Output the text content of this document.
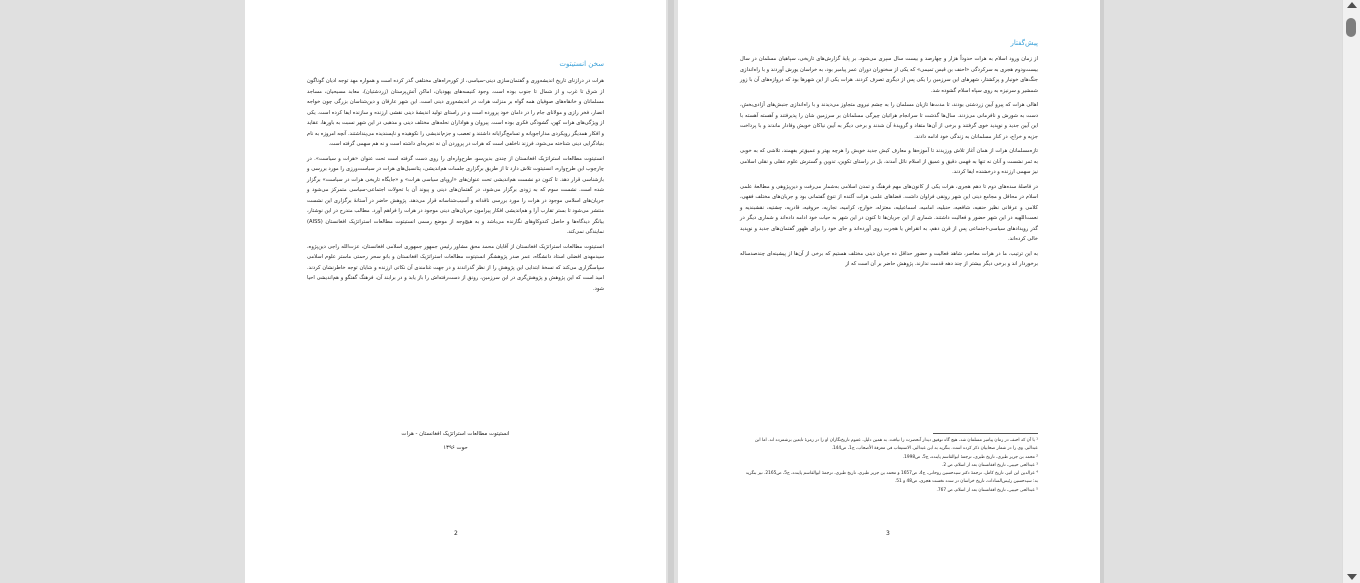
سخن انستیتوت

هرات در درازنای تاریخ اندیشه‌وری و گفتمان‌سازی دینی-سیاسی، از کوره‌راه‌های مختلفی گذر کرده است و همواره مهد توجه ادیان گوناگون از شرق تا غرب و از شمال تا جنوب بوده است. وجود کنیسه‌های یهودیان، اماکن آتش‌پرستان (زردشتیان)، معابد مسیحیان، مساجد مسلمانان و خانقاه‌های صوفیان همه گواه بر منزلت هرات در اندیشه‌وری دینی است. این شهر عارفان و دین‌شناسان بزرگی چون خواجه انصار، فخر رازی و مولانای جام را در دامان خود پرورده است و در راستای تولید اندیشهٔ دینی نقشی ارزنده و سازنده ایفا کرده است. یکی از ویژگی‌های هرات کهن، گشودگی فکری بوده است. پیروان و هواداران نحله‌های مختلف دینی و مذهبی در این شهر نسبت به باورها، عقاید و افکار همدیگر رویکردی مداراجویانه و تسامح‌گرایانه داشتند و تعصب و جزم‌اندیشی را نکوهیده و ناپسندیده می‌پنداشتند. آنچه امروزه به نام بنیادگرایی دینی شناخته می‌شود، فرزند ناخلفی است که هرات در پروردن آن نه تجربه‌ای داشته است و نه هم سهمی گرفته است.

انستیتوت مطالعات استراتژیک افغانستان از چندی بدین‌سو، طرح‌واره‌ای را روی دست گرفته است تحت عنوان «هرات و سیاست». در چارچوب این طرح‌واره، انستیتوت تلاش دارد تا از طریق برگزاری جلسات هم‌اندیشی، پتانسیل‌های هرات در سیاست‌ورزی را مورد بررسی و بازشناسی قرار دهد. تا کنون دو نشست هم‌اندیشی تحت عنوان‌های «اروپای سیاسی هرات» و «جایگاه تاریخی هرات در سیاست» برگزار شده است. نشست سوم که به زودی برگزار می‌شود، در گفتمان‌های دینی و پیوند آن با تحولات اجتماعی-سیاسی متمرکز می‌شود و جریان‌های اسلامی موجود در هرات را مورد بررسی ناقدانه و آسیب‌شناسانه قرار می‌دهد. پژوهش حاضر در آستانهٔ برگزاری این نشست منتشر می‌شود تا بستر تقارب آرا و هم‌اندیشی افکار پیرامون جریان‌های دینی موجود در هرات را فراهم آورد. مطالب مندرج در این نوشتار، بیانگر دیدگاه‌ها و حاصل کندوکاوهای نگارنده می‌باشد و به هیچ‌وجه از موضع رسمی انستیتوت مطالعات استراتژیک افغانستان (AISS) نمایندگی نمی‌کند.

انستیتوت مطالعات استراتژیک افغانستان از آقایان محمد محق مشاور رئیس جمهور جمهوری اسلامی افغانستان، عزت‌الله راجی دین‌پژوه، سیدمهدی افضلی استاد دانشگاه، عمر صدر پژوهشگر انستیتوت مطالعات استراتژیک افغانستان و بانو سحر رحمتی ماستر علوم اسلامی سپاسگزاری می‌کند که نسخهٔ ابتدایی این پژوهش را از نظر گذراندند و در جهت غنامندی آن نکاتی ارزنده و شایان توجه خاطرنشان کردند. امید است که این پژوهش و پژوهش‌گری در این سرزمین، رونق از دست‌رفته‌اش را باز یابد و در برابند آن، فرهنگ گفتگو و هم‌اندیشی احیا شود.

انستیتوت مطالعات استراتژیک افغانستان - هرات
حوت ۱۳۹۶
2
پیش‌گفتار

از زمان ورود اسلام به هرات حدوداً هزار و چهارصد و بیست سال سپری می‌شود. بر پایهٔ گزارش‌های تاریخی، سپاهیان مسلمان در سال بیست‌ودوم هجری به سرکردگی «احنف بن قیس تمیمی» که یکی از سخنوران دوران عمر پیامبر بود، به خراسان یورش آوردند و با راه‌اندازی جنگ‌های خونبار و پرکشتار، شهرهای این سرزمین را یکی پس از دیگری تصرف کردند. هرات یکی از این شهرها بود که دروازه‌های آن با زور شمشیر و سرنیزه به روی سپاه اسلام گشوده شد.

اهالی هرات که پیرو آیین زردشتی بودند، تا مدت‌ها تازیان مسلمان را به چشم نیروی متجاوز می‌دیدند و با راه‌اندازی جنبش‌های آزادی‌بخش، دست به شورش و نافرمانی می‌زدند. سال‌ها گذشت تا سرانجام هراتیان چیرگی مسلمانان بر سرزمین شان را پذیرفتند و آهسته آهسته با این آیین جدید و نوپدید خوی گرفتند و برخی از آن‌ها متقاد و گرویدهٔ آن شدند و برخی دیگر به آیین نیاکان خویش وفادار ماندند و با پرداخت جزیه و خراج، در کنار مسلمانان به زندگی خود ادامه دادند.

تازه‌مسلمانان هرات از همان آغاز تلاش ورزیدند تا آموزه‌ها و معارف کیش جدید خویش را هرچه بهتر و عمیق‌تر بفهمند، تلاشی که به خوبی به ثمر نشست و آنان نه تنها به فهمی دقیق و عمیق از اسلام نائل آمدند، بل در راستای تکوین، تدوین و گسترش علوم عقلی و نقلی اسلامی نیز سهمی ارزنده و درخشنده ایفا کردند.

در فاصلهٔ سده‌های دوم تا دهم هجری، هرات یکی از کانون‌های مهم فرهنگ و تمدن اسلامی به‌شمار می‌رفت و دین‌پژوهی و مطالعهٔ علمی اسلام در محافل و مجامع دینی این شهر رونقی فراوان داشت. فضاهای علمی هرات آکنده از تنوع گفتمانی بود و جریان‌های مختلف فقهی، کلامی و عرفانی نظیر حنفیه، شافعیه، حنبلیه، امامیه، اسماعیلیه، معتزله، خوارج، کرامیه، نجاریه، حروفیه، قادریه، چشتیه، نقشبندیه و نعمت‌اللهیه در این شهر حضور و فعالیت داشتند. شماری از این جریان‌ها تا کنون در این شهر به حیات خود ادامه داده‌اند و شماری دیگر در گذر رویدادهای سیاسی-اجتماعی پس از قرن دهم، به انقراض یا هجرت روی آورده‌اند و جای خود را برای ظهور گفتمان‌های جدید و نوپدید خالی کرده‌اند.

به این ترتیب، ما در هرات معاصر، شاهد فعالیت و حضور حداقل ده جریان دینی مختلف هستیم که برخی از آن‌ها از پیشینه‌ای چندصدساله برخوردار اند و برخی دیگر بیشتر از چند دهه قدمت ندارند. پژوهش حاضر بر آن است که از

¹ با آن که احنف در زمان پیامبر مسلمان شد، هیچ گاه توفیق دیدار آنحضرت را نیافت. به همین دلیل، عموم تاریخ‌نگاران او را در زمرهٔ تابعین برشمرده اند. اما ابن عبدالبر، وی را در شمار صحابیان ذکر کرده است. بنگرید به ابن عبدالبر، الاستیعاب فی معرفة الأصحاب، ج1، ص144.
² محمد بن جریر طبری، تاریخ طبری، ترجمهٔ ابوالقاسم پاینده، ج5، ص1998.
³ عبدالحی حبیبی، تاریخ افغانستان بعد از اسلام، ص 2.
⁴ عزالدین ابن اثیر، تاریخ کامل، ترجمهٔ دکتر سیدحسین روحانی، ج4، ص1657 و محمد بن جریر طبری، تاریخ طبری، ترجمهٔ ابوالقاسم پاینده، ج5، ص2165. نیز بنگرید به: سیدحسین رئیس‌السادات، تاریخ خراسان در سده نخست هجری، ص48 و 51.
⁵ عبدالحی حبیبی، تاریخ افغانستان بعد از اسلام، ص 767.
3
